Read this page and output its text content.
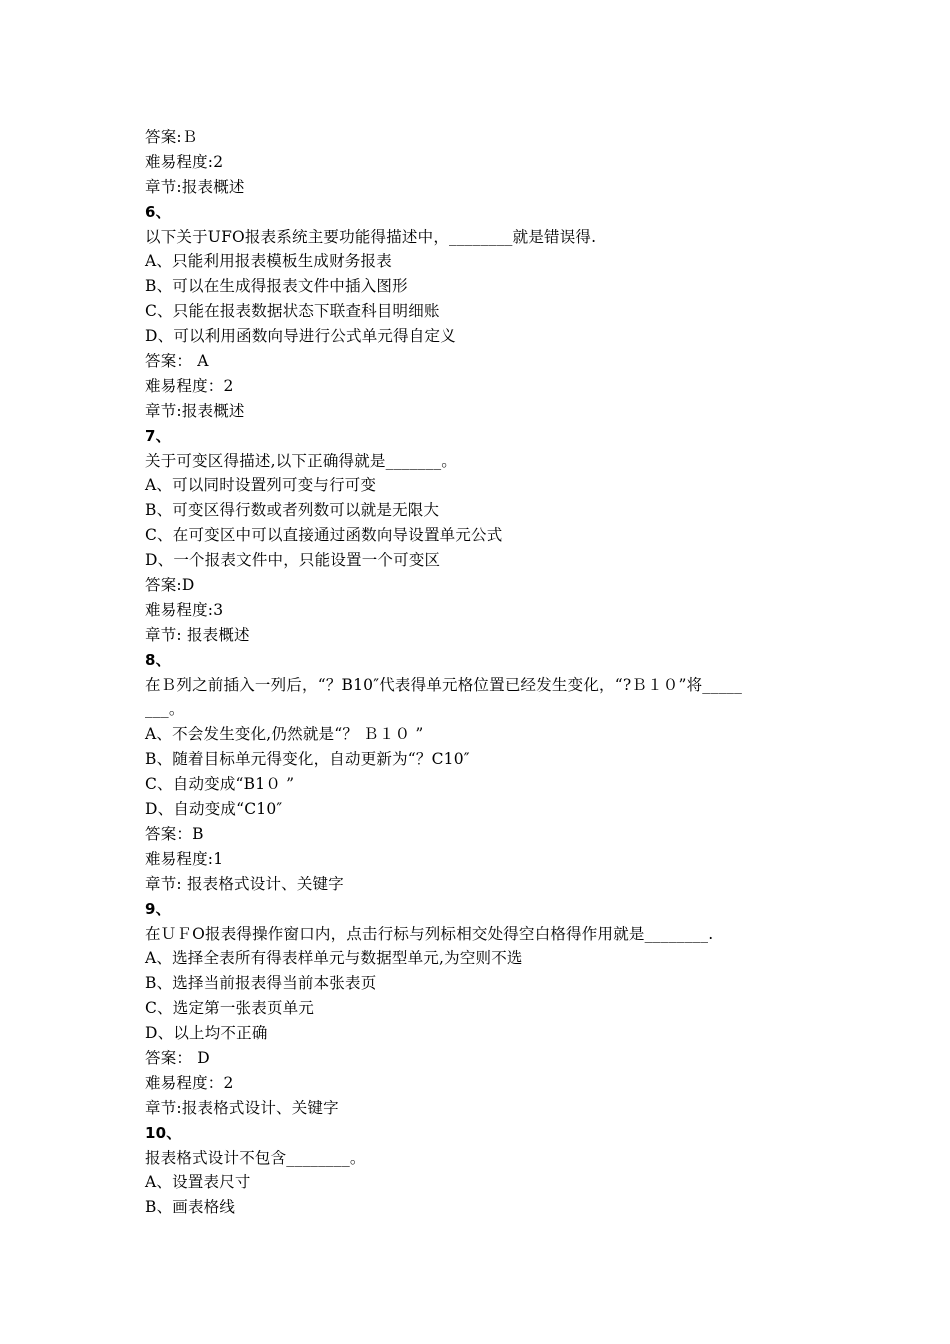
答案:Ｂ
难易程度:2
章节:报表概述
6、
以下关于UFO报表系统主要功能得描述中，________就是错误得.
A、只能利用报表模板生成财务报表
B、可以在生成得报表文件中插入图形
C、只能在报表数据状态下联查科目明细账
D、可以利用函数向导进行公式单元得自定义
答案： A
难易程度：2
章节:报表概述
7、
关于可变区得描述,以下正确得就是_______。
A、可以同时设置列可变与行可变
B、可变区得行数或者列数可以就是无限大
C、在可变区中可以直接通过函数向导设置单元公式
D、一个报表文件中，只能设置一个可变区
答案:D
难易程度:3
章节: 报表概述
8、
在Ｂ列之前插入一列后，“？B10″代表得单元格位置已经发生变化，“?Ｂ１０”将_____
___。
A、不会发生变化,仍然就是“？ Ｂ１０ ”
B、随着目标单元得变化，自动更新为“？C10″
C、自动变成“B1０ ”
D、自动变成“C10″
答案：B
难易程度:1
章节: 报表格式设计、关键字
9、
在ＵＦO报表得操作窗口内，点击行标与列标相交处得空白格得作用就是________.
A、选择全表所有得表样单元与数据型单元,为空则不选
B、选择当前报表得当前本张表页
C、选定第一张表页单元
D、以上均不正确
答案： D
难易程度：2
章节:报表格式设计、关键字
10、
报表格式设计不包含________。
A、设置表尺寸
B、画表格线
